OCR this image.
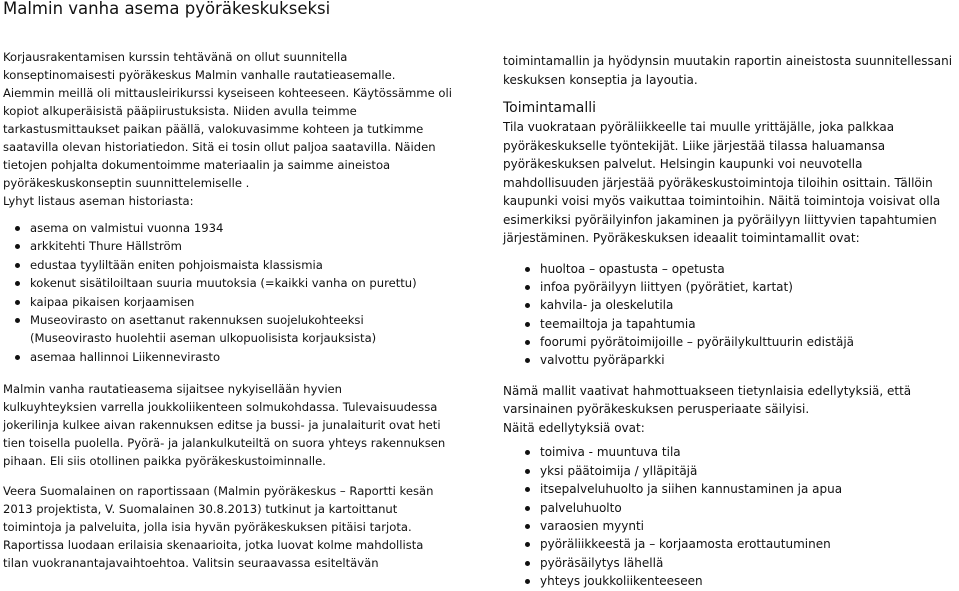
Malmin vanha asema pyöräkeskukseksi

Korjausrakentamisen kurssin tehtävänä on ollut suunnitella

konseptinomaisesti pyöräkeskus Malmin vanhalle rautatieasemalle.

Aiemmin meillä oli mittausleirikurssi kyseiseen kohteeseen. Käytössämme oli

kopiot alkuperäisistä pääpiirustuksista. Niiden avulla teimme

tarkastusmittaukset paikan päällä, valokuvasimme kohteen ja tutkimme

saatavilla olevan historiatiedon. Sitä ei tosin ollut paljoa saatavilla. Näiden

tietojen pohjalta dokumentoimme materiaalin ja saimme aineistoa

pyöräkeskuskonseptin suunnittelemiselle .

Lyhyt listaus aseman historiasta:

asema on valmistui vuonna 1934
arkkitehti Thure Hällström
edustaa tyyliltään eniten pohjoismaista klassismia
kokenut sisätiloiltaan suuria muutoksia (=kaikki vanha on purettu)
kaipaa pikaisen korjaamisen
Museovirasto on asettanut rakennuksen suojelukohteeksi
(Museovirasto huolehtii aseman ulkopuolisista korjauksista)
asemaa hallinnoi Liikennevirasto

Malmin vanha rautatieasema sijaitsee nykyisellään hyvien

kulkuyhteyksien varrella joukkoliikenteen solmukohdassa. Tulevaisuudessa

jokerilinja kulkee aivan rakennuksen editse ja bussi- ja junalaiturit ovat heti

tien toisella puolella. Pyörä- ja jalankulkuteiltä on suora yhteys rakennuksen

pihaan. Eli siis otollinen paikka pyöräkeskustoiminnalle.

Veera Suomalainen on raportissaan (Malmin pyöräkeskus – Raportti kesän

2013 projektista, V. Suomalainen 30.8.2013) tutkinut ja kartoittanut

toimintoja ja palveluita, jolla isia hyvän pyöräkeskuksen pitäisi tarjota.

Raportissa luodaan erilaisia skenaarioita, jotka luovat kolme mahdollista

tilan vuokranantajavaihtoehtoa. Valitsin seuraavassa esiteltävän

toimintamallin ja hyödynsin muutakin raportin aineistosta suunnitellessani

keskuksen konseptia ja layoutia.

Toimintamalli

Tila vuokrataan pyöräliikkeelle tai muulle yrittäjälle, joka palkkaa

pyöräkeskukselle työntekijät. Liike järjestää tilassa haluamansa

pyöräkeskuksen palvelut. Helsingin kaupunki voi neuvotella

mahdollisuuden järjestää pyöräkeskustoimintoja tiloihin osittain. Tällöin

kaupunki voisi myös vaikuttaa toimintoihin. Näitä toimintoja voisivat olla

esimerkiksi pyöräilyinfon jakaminen ja pyöräilyyn liittyvien tapahtumien

järjestäminen. Pyöräkeskuksen ideaalit toimintamallit ovat:

huoltoa – opastusta – opetusta
infoa pyöräilyyn liittyen (pyörätiet, kartat)
kahvila- ja oleskelutila
teemailtoja ja tapahtumia
foorumi pyörätoimijoille – pyöräilykulttuurin edistäjä
valvottu pyöräparkki

Nämä mallit vaativat hahmottuakseen tietynlaisia edellytyksiä, että

varsinainen pyöräkeskuksen perusperiaate säilyisi.

Näitä edellytyksiä ovat:

toimiva - muuntuva tila
yksi päätoimija / ylläpitäjä
itsepalveluhuolto ja siihen kannustaminen ja apua
palveluhuolto
varaosien myynti
pyöräliikkeestä ja – korjaamosta erottautuminen
pyöräsäilytys lähellä
yhteys joukkoliikenteeseen
